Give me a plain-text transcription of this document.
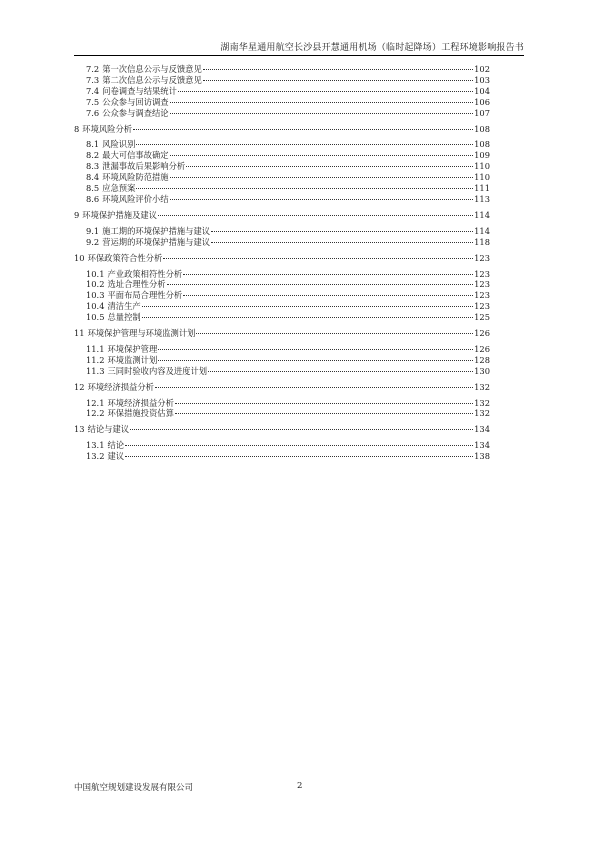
湖南华星通用航空长沙县开慧通用机场（临时起降场）工程环境影响报告书
7.2 第一次信息公示与反馈意见	102
7.3 第二次信息公示与反馈意见	103
7.4 问卷调查与结果统计	104
7.5 公众参与回访调查	106
7.6 公众参与调查结论	107
8 环境风险分析	108
8.1 风险识别	108
8.2 最大可信事故确定	109
8.3 泄漏事故后果影响分析	110
8.4 环境风险防范措施	110
8.5 应急预案	111
8.6 环境风险评价小结	113
9 环境保护措施及建议	114
9.1 施工期的环境保护措施与建议	114
9.2 营运期的环境保护措施与建议	118
10 环保政策符合性分析	123
10.1 产业政策相符性分析	123
10.2 选址合理性分析	123
10.3 平面布局合理性分析	123
10.4 清洁生产	123
10.5 总量控制	125
11 环境保护管理与环境监测计划	126
11.1 环境保护管理	126
11.2 环境监测计划	128
11.3 三同时验收内容及进度计划	130
12 环境经济损益分析	132
12.1 环境经济损益分析	132
12.2 环保措施投资估算	132
13 结论与建议	134
13.1 结论	134
13.2 建议	138
中国航空规划建设发展有限公司	2
